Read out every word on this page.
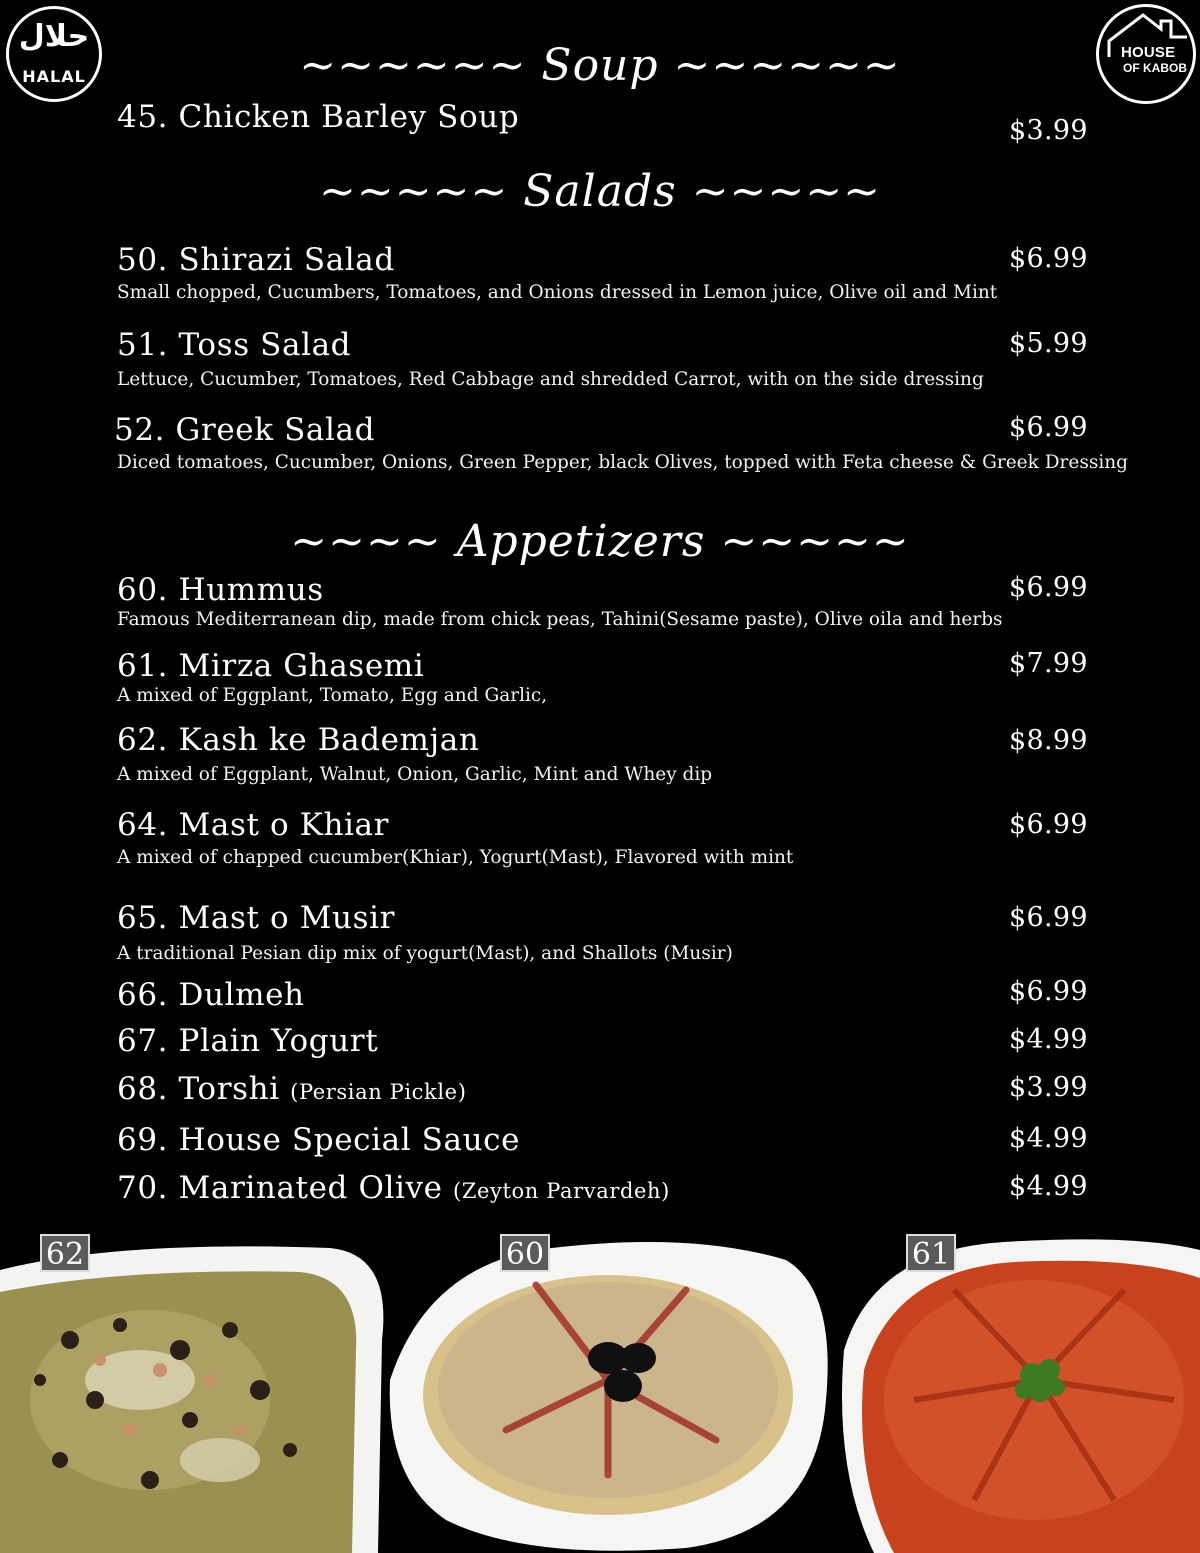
حلال
HALAL
HOUSE
OF KABOB
~~~~~~ Soup ~~~~~~
~~~~~ Salads ~~~~~
~~~~ Appetizers ~~~~~
45. Chicken Barley Soup	$3.99
50. Shirazi Salad	$6.99
Small chopped, Cucumbers, Tomatoes, and Onions dressed in Lemon juice, Olive oil and Mint
51. Toss Salad	$5.99
Lettuce, Cucumber, Tomatoes, Red Cabbage and shredded Carrot, with on the side dressing
52. Greek Salad	$6.99
Diced tomatoes, Cucumber, Onions, Green Pepper, black Olives, topped with Feta cheese & Greek Dressing
60. Hummus	$6.99
Famous Mediterranean dip, made from chick peas, Tahini(Sesame paste), Olive oila and herbs
61. Mirza Ghasemi	$7.99
A mixed of Eggplant, Tomato, Egg and Garlic,
62. Kash ke Bademjan	$8.99
A mixed of Eggplant, Walnut, Onion, Garlic, Mint and Whey dip
64. Mast o Khiar	$6.99
A mixed of chapped cucumber(Khiar), Yogurt(Mast), Flavored with mint
65. Mast o Musir	$6.99
A traditional Pesian dip mix of yogurt(Mast), and Shallots (Musir)
66. Dulmeh	$6.99
67. Plain Yogurt	$4.99
68. Torshi (Persian Pickle)	$3.99
69. House Special Sauce	$4.99
70. Marinated Olive (Zeyton Parvardeh)	$4.99
62	60	61
